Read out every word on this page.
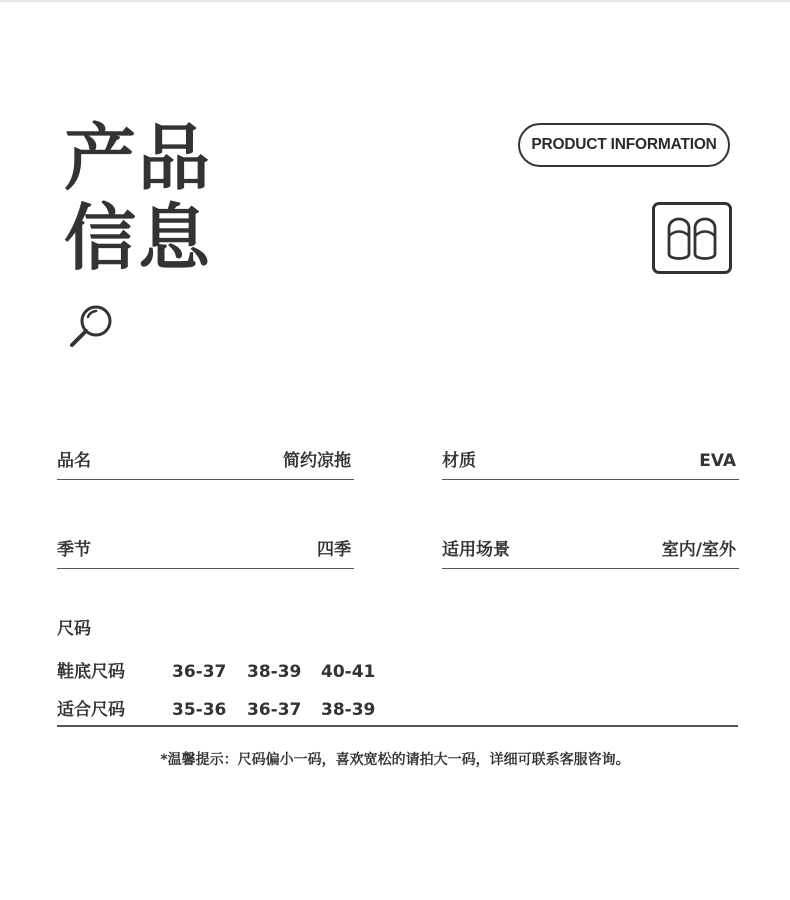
产品
信息
PRODUCT INFORMATION
品名	简约凉拖	材质	EVA
季节	四季	适用场景	室内/室外
尺码
鞋底尺码	36-37 38-39 40-41
适合尺码	35-36 36-37 38-39
*温馨提示：尺码偏小一码，喜欢宽松的请拍大一码，详细可联系客服咨询。
